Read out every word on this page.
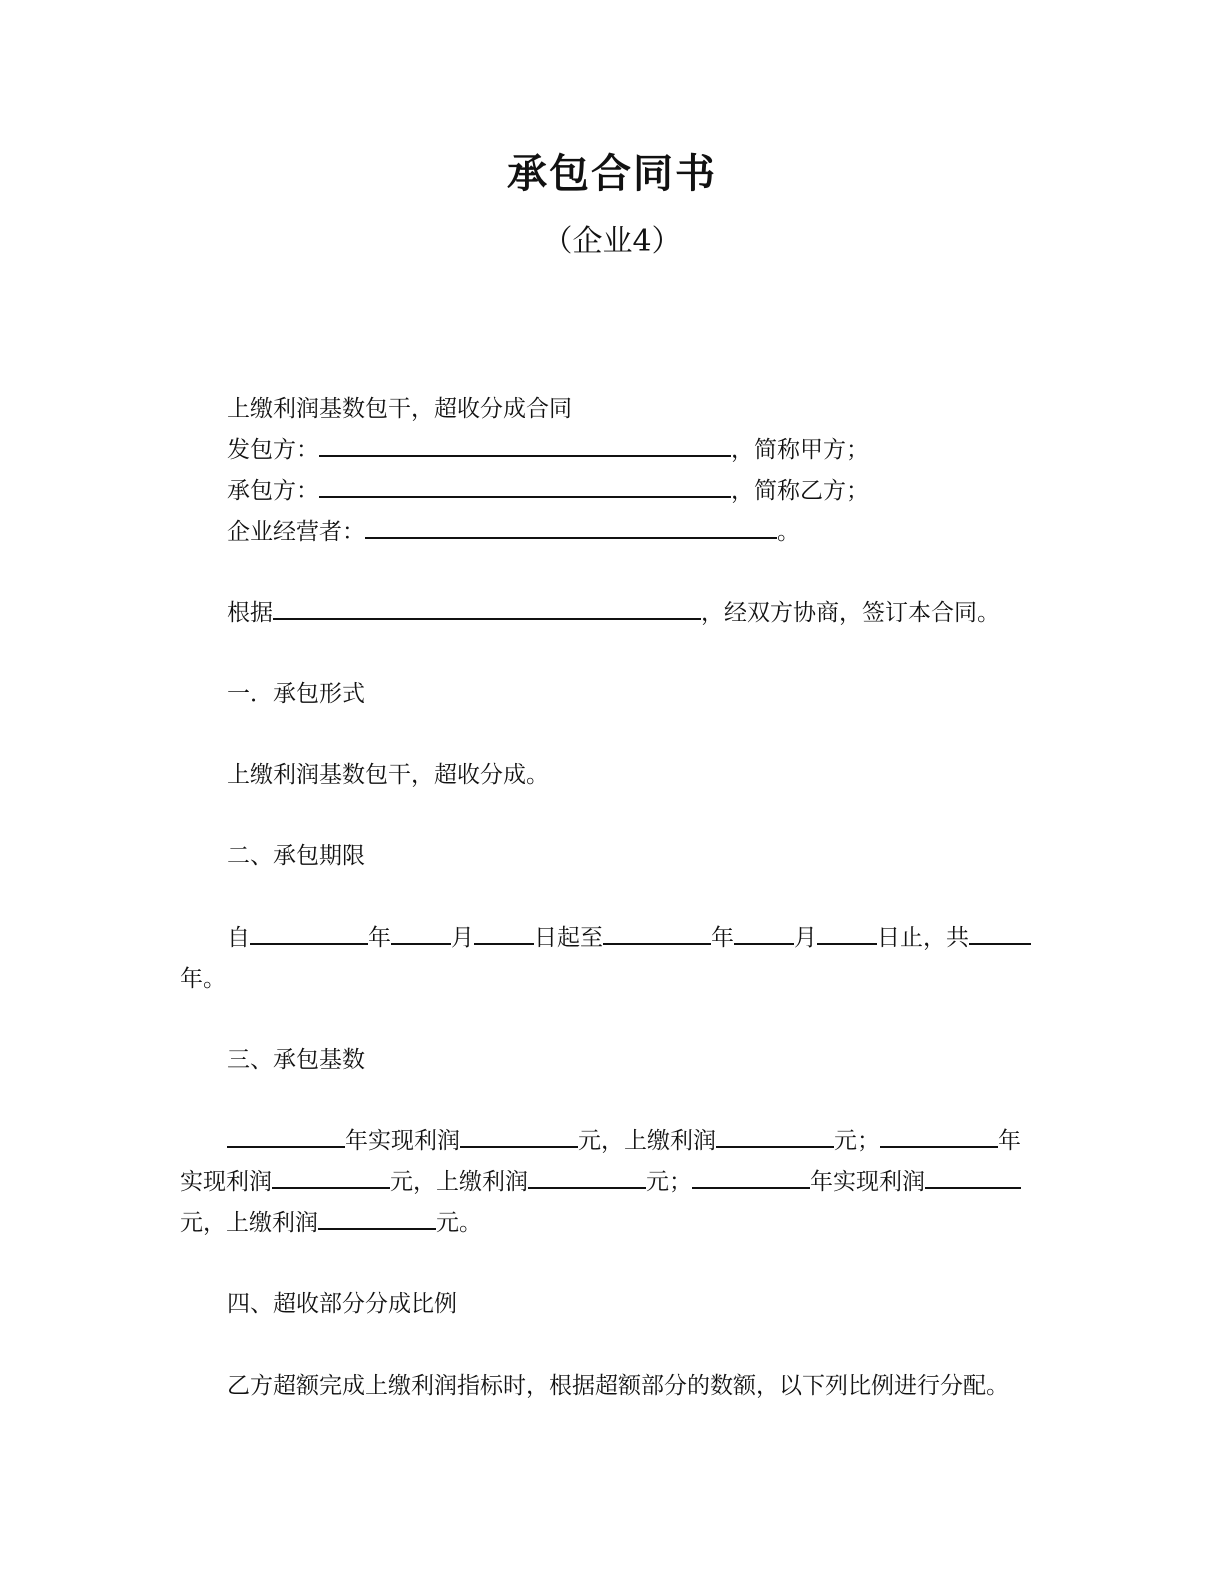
承包合同书
（企业4）
上缴利润基数包干，超收分成合同
发包方：	，简称甲方；
承包方：	，简称乙方；
企业经营者：	。
根据	，经双方协商，签订本合同。
一．承包形式
上缴利润基数包干，超收分成。
二、承包期限
自	年	月	日起至	年	月	日止，共
年。
三、承包基数
年实现利润	元，上缴利润	元；	年
实现利润	元，上缴利润	元；	年实现利润
元，上缴利润	元。
四、超收部分分成比例
乙方超额完成上缴利润指标时，根据超额部分的数额，以下列比例进行分配。
